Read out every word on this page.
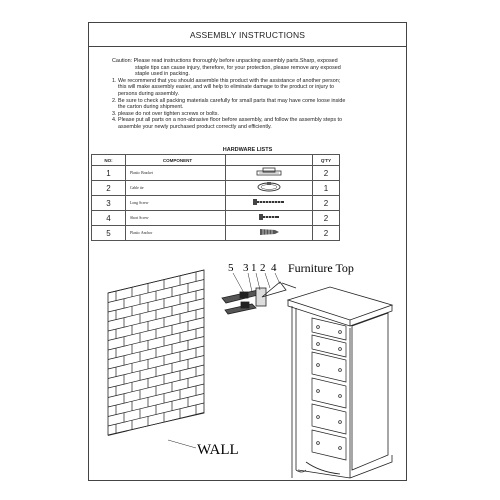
ASSEMBLY INSTRUCTIONS

Caution: Please read instructions thoroughly before unpacking assembly parts.Sharp, exposed

staple tips can cause injury, therefore, for your protection, please remove any exposed

staple used in packing.

1. We recommend that you should assemble this product with the assistance of another person;

this will make assembly easier, and will help to eliminate damage to the product or injury to

persons during assembly.

2. Be sure to check all packing materials carefully for small parts that may have come loose inside

the carton during shipment.

3. please do not over tighten screws or bolts.

4. Please put all parts on a non-abrasive floor before assembly, and follow the assembly steps to

assemble your newly purchased product correctly and efficiently.

HARDWARE LISTS
NO:	COMPONENT		Q'TY
1	Plastic Bracket		2
2	Cable tie		1
3	Long Screw		2
4	Short Screw		2
5	Plastic Anchor		2
5 3 1 2 4 Furniture Top
WALL
